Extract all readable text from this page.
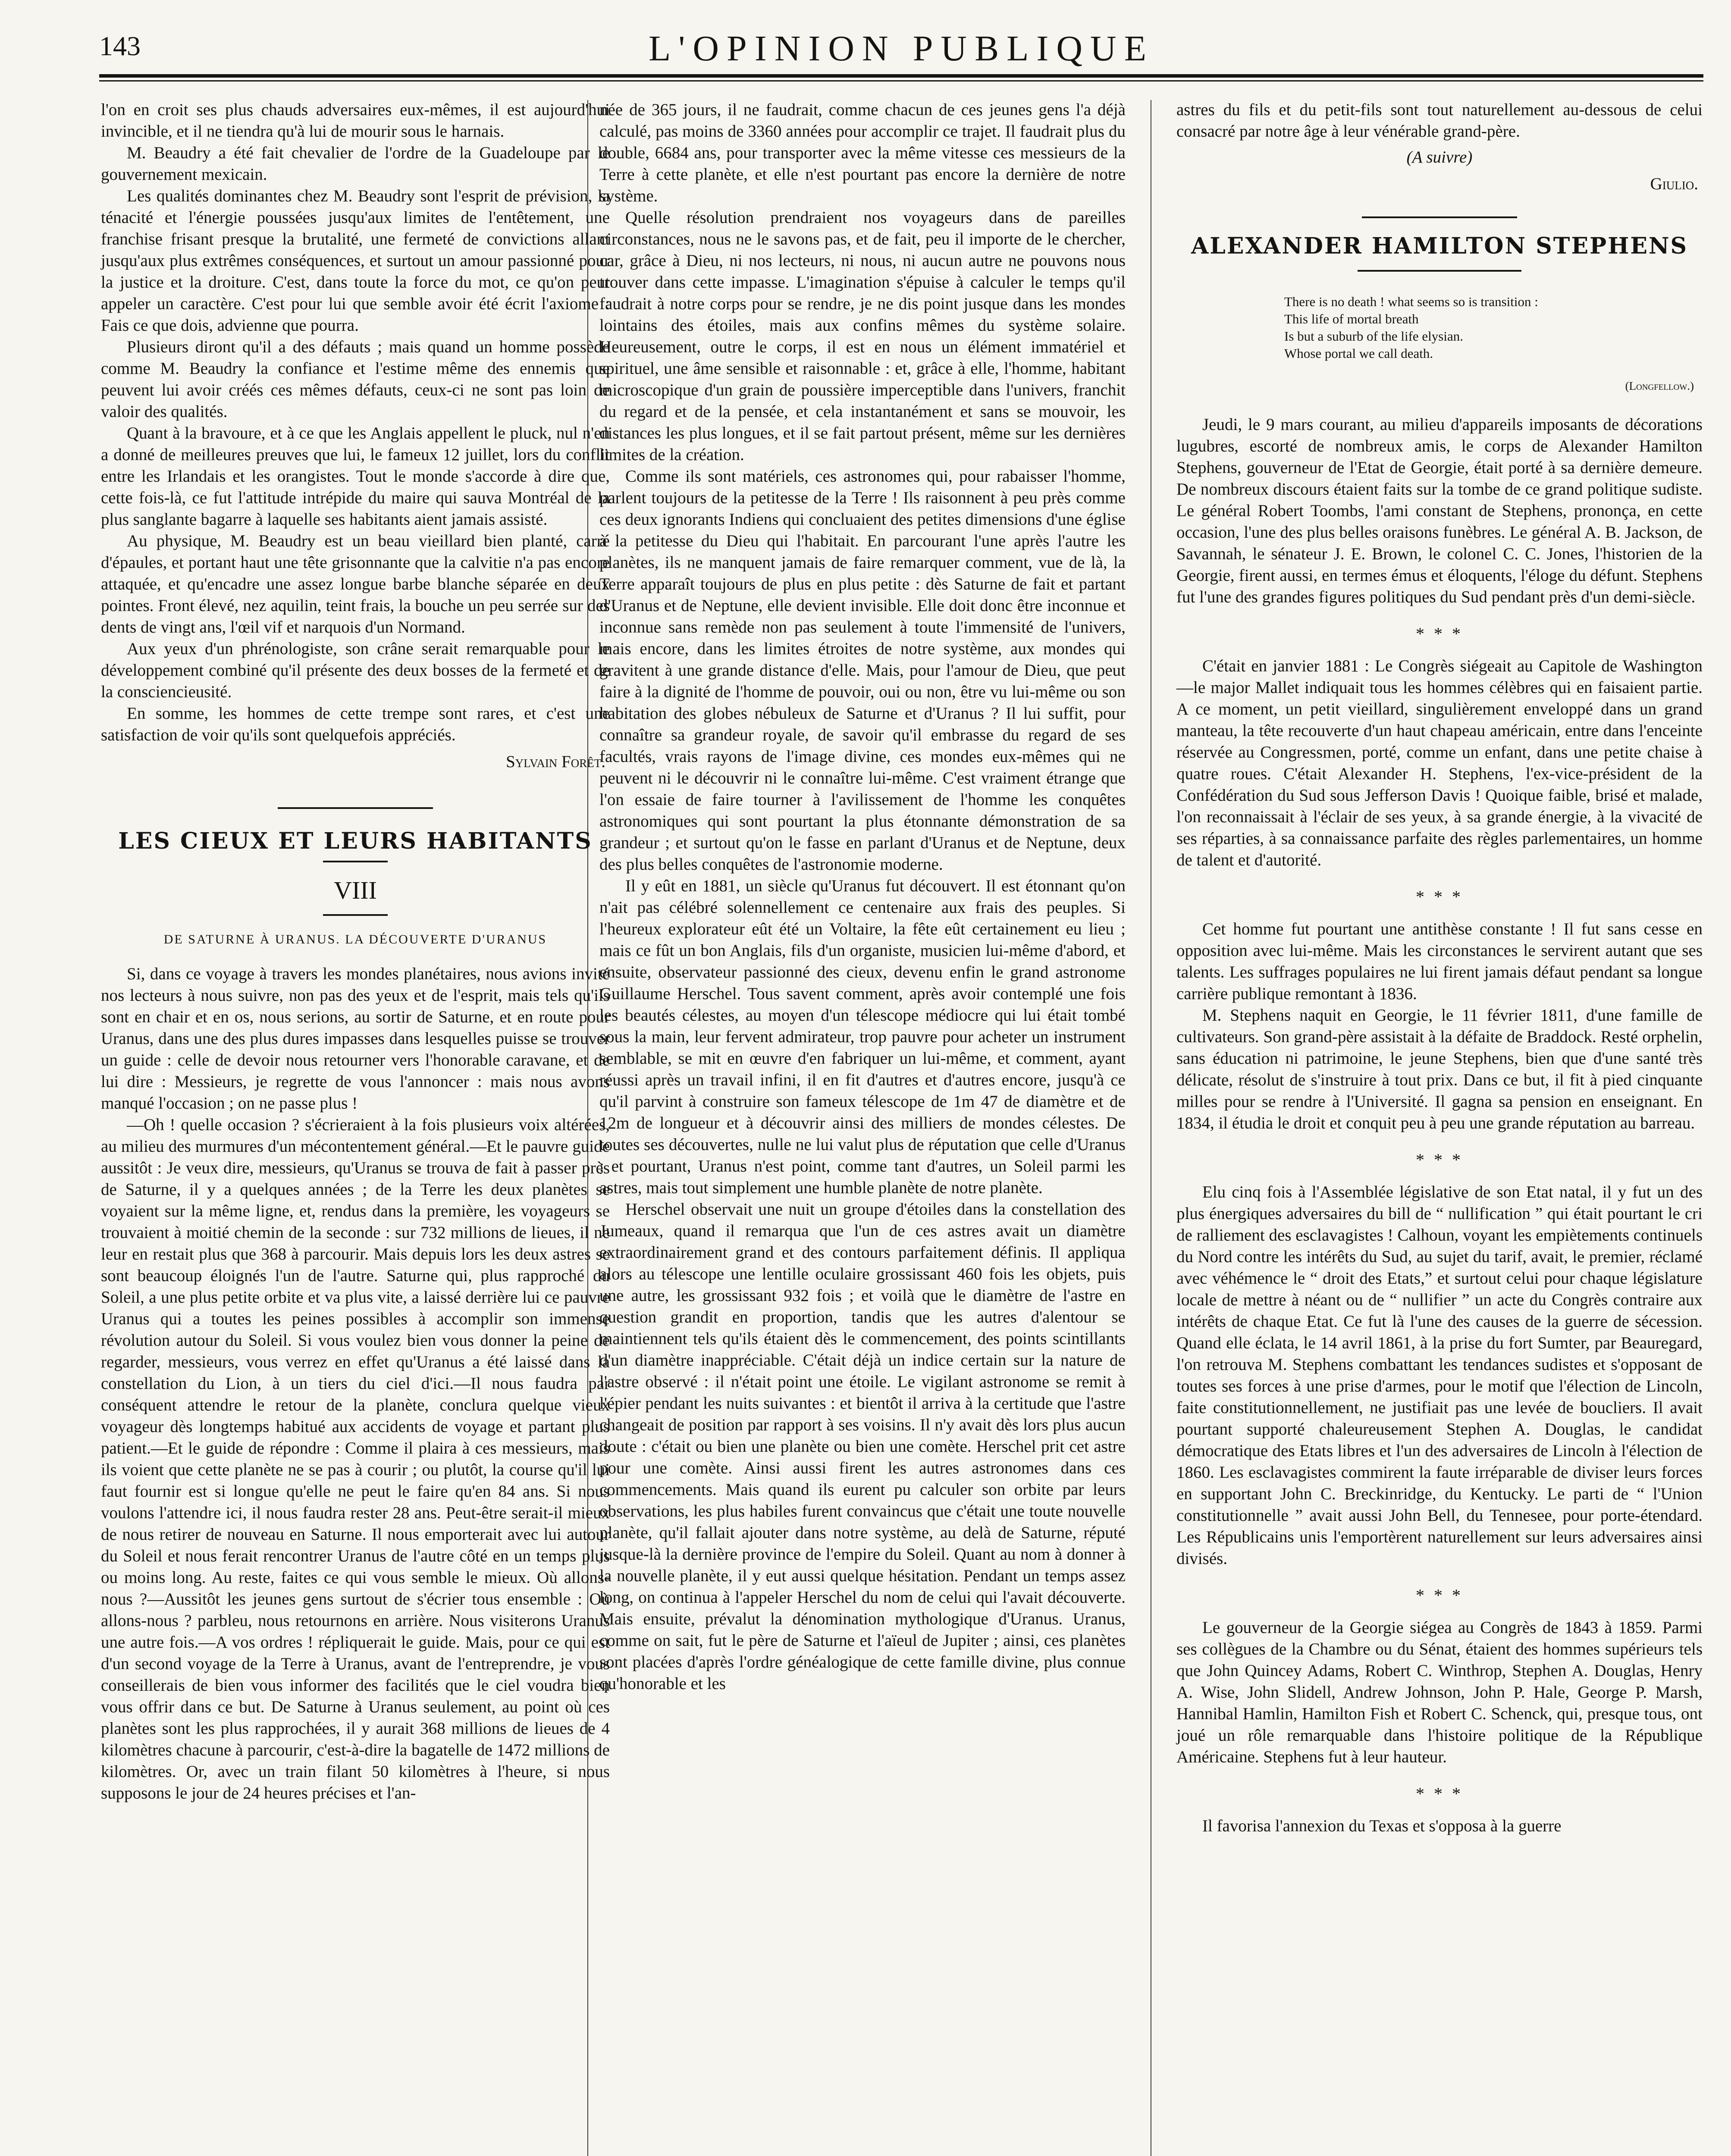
143	L'OPINION PUBLIQUE

l'on en croit ses plus chauds adversaires eux-mêmes, il est aujourd'hui invincible, et il ne tiendra qu'à lui de mourir sous le harnais.

M. Beaudry a été fait chevalier de l'ordre de la Guadeloupe par le gouvernement mexicain.

Les qualités dominantes chez M. Beaudry sont l'esprit de prévision, la ténacité et l'énergie poussées jusqu'aux limites de l'entêtement, une franchise frisant presque la brutalité, une fermeté de convictions allant jusqu'aux plus extrêmes conséquences, et surtout un amour passionné pour la justice et la droiture. C'est, dans toute la force du mot, ce qu'on peut appeler un caractère. C'est pour lui que semble avoir été écrit l'axiome : Fais ce que dois, advienne que pourra.

Plusieurs diront qu'il a des défauts ; mais quand un homme possède comme M. Beaudry la confiance et l'estime même des ennemis que peuvent lui avoir créés ces mêmes défauts, ceux-ci ne sont pas loin de valoir des qualités.

Quant à la bravoure, et à ce que les Anglais appellent le pluck, nul n'en a donné de meilleures preuves que lui, le fameux 12 juillet, lors du conflit entre les Irlandais et les orangistes. Tout le monde s'accorde à dire que, cette fois-là, ce fut l'attitude intrépide du maire qui sauva Montréal de la plus sanglante bagarre à laquelle ses habitants aient jamais assisté.

Au physique, M. Beaudry est un beau vieillard bien planté, carré d'épaules, et portant haut une tête grisonnante que la calvitie n'a pas encore attaquée, et qu'encadre une assez longue barbe blanche séparée en deux pointes. Front élevé, nez aquilin, teint frais, la bouche un peu serrée sur des dents de vingt ans, l'œil vif et narquois d'un Normand.

Aux yeux d'un phrénologiste, son crâne serait remarquable pour le développement combiné qu'il présente des deux bosses de la fermeté et de la consciencieusité.

En somme, les hommes de cette trempe sont rares, et c'est une satisfaction de voir qu'ils sont quelquefois appréciés.

Sylvain Forêt.
LES CIEUX ET LEURS HABITANTS
VIII
DE SATURNE À URANUS. LA DÉCOUVERTE D'URANUS

Si, dans ce voyage à travers les mondes planétaires, nous avions invité nos lecteurs à nous suivre, non pas des yeux et de l'esprit, mais tels qu'ils sont en chair et en os, nous serions, au sortir de Saturne, et en route pour Uranus, dans une des plus dures impasses dans lesquelles puisse se trouver un guide : celle de devoir nous retourner vers l'honorable caravane, et de lui dire : Messieurs, je regrette de vous l'annoncer : mais nous avons manqué l'occasion ; on ne passe plus !

—Oh ! quelle occasion ? s'écrieraient à la fois plusieurs voix altérées, au milieu des murmures d'un mécontentement général.—Et le pauvre guide aussitôt : Je veux dire, messieurs, qu'Uranus se trouva de fait à passer près de Saturne, il y a quelques années ; de la Terre les deux planètes se voyaient sur la même ligne, et, rendus dans la première, les voyageurs se trouvaient à moitié chemin de la seconde : sur 732 millions de lieues, il ne leur en restait plus que 368 à parcourir. Mais depuis lors les deux astres se sont beaucoup éloignés l'un de l'autre. Saturne qui, plus rapproché du Soleil, a une plus petite orbite et va plus vite, a laissé derrière lui ce pauvre Uranus qui a toutes les peines possibles à accomplir son immense révolution autour du Soleil. Si vous voulez bien vous donner la peine de regarder, messieurs, vous verrez en effet qu'Uranus a été laissé dans la constellation du Lion, à un tiers du ciel d'ici.—Il nous faudra par conséquent attendre le retour de la planète, conclura quelque vieux voyageur dès longtemps habitué aux accidents de voyage et partant plus patient.—Et le guide de répondre : Comme il plaira à ces messieurs, mais ils voient que cette planète ne se pas à courir ; ou plutôt, la course qu'il lui faut fournir est si longue qu'elle ne peut le faire qu'en 84 ans. Si nous voulons l'attendre ici, il nous faudra rester 28 ans. Peut-être serait-il mieux de nous retirer de nouveau en Saturne. Il nous emporterait avec lui autour du Soleil et nous ferait rencontrer Uranus de l'autre côté en un temps plus ou moins long. Au reste, faites ce qui vous semble le mieux. Où allons-nous ?—Aussitôt les jeunes gens surtout de s'écrier tous ensemble : Où allons-nous ? parbleu, nous retournons en arrière. Nous visiterons Uranus une autre fois.—A vos ordres ! répliquerait le guide. Mais, pour ce qui est d'un second voyage de la Terre à Uranus, avant de l'entreprendre, je vous conseillerais de bien vous informer des facilités que le ciel voudra bien vous offrir dans ce but. De Saturne à Uranus seulement, au point où ces planètes sont les plus rapprochées, il y aurait 368 millions de lieues de 4 kilomètres chacune à parcourir, c'est-à-dire la bagatelle de 1472 millions de kilomètres. Or, avec un train filant 50 kilomètres à l'heure, si nous supposons le jour de 24 heures précises et l'an-

née de 365 jours, il ne faudrait, comme chacun de ces jeunes gens l'a déjà calculé, pas moins de 3360 années pour accomplir ce trajet. Il faudrait plus du double, 6684 ans, pour transporter avec la même vitesse ces messieurs de la Terre à cette planète, et elle n'est pourtant pas encore la dernière de notre système.

Quelle résolution prendraient nos voyageurs dans de pareilles circonstances, nous ne le savons pas, et de fait, peu il importe de le chercher, car, grâce à Dieu, ni nos lecteurs, ni nous, ni aucun autre ne pouvons nous trouver dans cette impasse. L'imagination s'épuise à calculer le temps qu'il faudrait à notre corps pour se rendre, je ne dis point jusque dans les mondes lointains des étoiles, mais aux confins mêmes du système solaire. Heureusement, outre le corps, il est en nous un élément immatériel et spirituel, une âme sensible et raisonnable : et, grâce à elle, l'homme, habitant microscopique d'un grain de poussière imperceptible dans l'univers, franchit du regard et de la pensée, et cela instantanément et sans se mouvoir, les distances les plus longues, et il se fait partout présent, même sur les dernières limites de la création.

Comme ils sont matériels, ces astronomes qui, pour rabaisser l'homme, parlent toujours de la petitesse de la Terre ! Ils raisonnent à peu près comme ces deux ignorants Indiens qui concluaient des petites dimensions d'une église à la petitesse du Dieu qui l'habitait. En parcourant l'une après l'autre les planètes, ils ne manquent jamais de faire remarquer comment, vue de là, la Terre apparaît toujours de plus en plus petite : dès Saturne de fait et partant d'Uranus et de Neptune, elle devient invisible. Elle doit donc être inconnue et inconnue sans remède non pas seulement à toute l'immensité de l'univers, mais encore, dans les limites étroites de notre système, aux mondes qui gravitent à une grande distance d'elle. Mais, pour l'amour de Dieu, que peut faire à la dignité de l'homme de pouvoir, oui ou non, être vu lui-même ou son habitation des globes nébuleux de Saturne et d'Uranus ? Il lui suffit, pour connaître sa grandeur royale, de savoir qu'il embrasse du regard de ses facultés, vrais rayons de l'image divine, ces mondes eux-mêmes qui ne peuvent ni le découvrir ni le connaître lui-même. C'est vraiment étrange que l'on essaie de faire tourner à l'avilissement de l'homme les conquêtes astronomiques qui sont pourtant la plus étonnante démonstration de sa grandeur ; et surtout qu'on le fasse en parlant d'Uranus et de Neptune, deux des plus belles conquêtes de l'astronomie moderne.

Il y eût en 1881, un siècle qu'Uranus fut découvert. Il est étonnant qu'on n'ait pas célébré solennellement ce centenaire aux frais des peuples. Si l'heureux explorateur eût été un Voltaire, la fête eût certainement eu lieu ; mais ce fût un bon Anglais, fils d'un organiste, musicien lui-même d'abord, et ensuite, observateur passionné des cieux, devenu enfin le grand astronome Guillaume Herschel. Tous savent comment, après avoir contemplé une fois les beautés célestes, au moyen d'un télescope médiocre qui lui était tombé sous la main, leur fervent admirateur, trop pauvre pour acheter un instrument semblable, se mit en œuvre d'en fabriquer un lui-même, et comment, ayant réussi après un travail infini, il en fit d'autres et d'autres encore, jusqu'à ce qu'il parvint à construire son fameux télescope de 1m 47 de diamètre et de 12m de longueur et à découvrir ainsi des milliers de mondes célestes. De toutes ses découvertes, nulle ne lui valut plus de réputation que celle d'Uranus ; et pourtant, Uranus n'est point, comme tant d'autres, un Soleil parmi les astres, mais tout simplement une humble planète de notre planète.

Herschel observait une nuit un groupe d'étoiles dans la constellation des Jumeaux, quand il remarqua que l'un de ces astres avait un diamètre extraordinairement grand et des contours parfaitement définis. Il appliqua alors au télescope une lentille oculaire grossissant 460 fois les objets, puis une autre, les grossissant 932 fois ; et voilà que le diamètre de l'astre en question grandit en proportion, tandis que les autres d'alentour se maintiennent tels qu'ils étaient dès le commencement, des points scintillants d'un diamètre inappréciable. C'était déjà un indice certain sur la nature de l'astre observé : il n'était point une étoile. Le vigilant astronome se remit à l'épier pendant les nuits suivantes : et bientôt il arriva à la certitude que l'astre changeait de position par rapport à ses voisins. Il n'y avait dès lors plus aucun doute : c'était ou bien une planète ou bien une comète. Herschel prit cet astre pour une comète. Ainsi aussi firent les autres astronomes dans ces commencements. Mais quand ils eurent pu calculer son orbite par leurs observations, les plus habiles furent convaincus que c'était une toute nouvelle planète, qu'il fallait ajouter dans notre système, au delà de Saturne, réputé jusque-là la dernière province de l'empire du Soleil. Quant au nom à donner à la nouvelle planète, il y eut aussi quelque hésitation. Pendant un temps assez long, on continua à l'appeler Herschel du nom de celui qui l'avait découverte. Mais ensuite, prévalut la dénomination mythologique d'Uranus. Uranus, comme on sait, fut le père de Saturne et l'aïeul de Jupiter ; ainsi, ces planètes sont placées d'après l'ordre généalogique de cette famille divine, plus connue qu'honorable et les

astres du fils et du petit-fils sont tout naturellement au-dessous de celui consacré par notre âge à leur vénérable grand-père.

(A suivre)
Giulio.
ALEXANDER HAMILTON STEPHENS
There is no death ! what seems so is transition :
This life of mortal breath
Is but a suburb of the life elysian.
Whose portal we call death.
(Longfellow.)

Jeudi, le 9 mars courant, au milieu d'appareils imposants de décorations lugubres, escorté de nombreux amis, le corps de Alexander Hamilton Stephens, gouverneur de l'Etat de Georgie, était porté à sa dernière demeure. De nombreux discours étaient faits sur la tombe de ce grand politique sudiste. Le général Robert Toombs, l'ami constant de Stephens, prononça, en cette occasion, l'une des plus belles oraisons funèbres. Le général A. B. Jackson, de Savannah, le sénateur J. E. Brown, le colonel C. C. Jones, l'historien de la Georgie, firent aussi, en termes émus et éloquents, l'éloge du défunt. Stephens fut l'une des grandes figures politiques du Sud pendant près d'un demi-siècle.

* * *

C'était en janvier 1881 : Le Congrès siégeait au Capitole de Washington—le major Mallet indiquait tous les hommes célèbres qui en faisaient partie. A ce moment, un petit vieillard, singulièrement enveloppé dans un grand manteau, la tête recouverte d'un haut chapeau américain, entre dans l'enceinte réservée au Congressmen, porté, comme un enfant, dans une petite chaise à quatre roues. C'était Alexander H. Stephens, l'ex-vice-président de la Confédération du Sud sous Jefferson Davis ! Quoique faible, brisé et malade, l'on reconnaissait à l'éclair de ses yeux, à sa grande énergie, à la vivacité de ses réparties, à sa connaissance parfaite des règles parlementaires, un homme de talent et d'autorité.

* * *

Cet homme fut pourtant une antithèse constante ! Il fut sans cesse en opposition avec lui-même. Mais les circonstances le servirent autant que ses talents. Les suffrages populaires ne lui firent jamais défaut pendant sa longue carrière publique remontant à 1836.

M. Stephens naquit en Georgie, le 11 février 1811, d'une famille de cultivateurs. Son grand-père assistait à la défaite de Braddock. Resté orphelin, sans éducation ni patrimoine, le jeune Stephens, bien que d'une santé très délicate, résolut de s'instruire à tout prix. Dans ce but, il fit à pied cinquante milles pour se rendre à l'Université. Il gagna sa pension en enseignant. En 1834, il étudia le droit et conquit peu à peu une grande réputation au barreau.

* * *

Elu cinq fois à l'Assemblée législative de son Etat natal, il y fut un des plus énergiques adversaires du bill de “ nullification ” qui était pourtant le cri de ralliement des esclavagistes ! Calhoun, voyant les empiètements continuels du Nord contre les intérêts du Sud, au sujet du tarif, avait, le premier, réclamé avec véhémence le “ droit des Etats,” et surtout celui pour chaque législature locale de mettre à néant ou de “ nullifier ” un acte du Congrès contraire aux intérêts de chaque Etat. Ce fut là l'une des causes de la guerre de sécession. Quand elle éclata, le 14 avril 1861, à la prise du fort Sumter, par Beauregard, l'on retrouva M. Stephens combattant les tendances sudistes et s'opposant de toutes ses forces à une prise d'armes, pour le motif que l'élection de Lincoln, faite constitutionnellement, ne justifiait pas une levée de boucliers. Il avait pourtant supporté chaleureusement Stephen A. Douglas, le candidat démocratique des Etats libres et l'un des adversaires de Lincoln à l'élection de 1860. Les esclavagistes commirent la faute irréparable de diviser leurs forces en supportant John C. Breckinridge, du Kentucky. Le parti de “ l'Union constitutionnelle ” avait aussi John Bell, du Tennesee, pour porte-étendard. Les Républicains unis l'emportèrent naturellement sur leurs adversaires ainsi divisés.

* * *

Le gouverneur de la Georgie siégea au Congrès de 1843 à 1859. Parmi ses collègues de la Chambre ou du Sénat, étaient des hommes supérieurs tels que John Quincey Adams, Robert C. Winthrop, Stephen A. Douglas, Henry A. Wise, John Slidell, Andrew Johnson, John P. Hale, George P. Marsh, Hannibal Hamlin, Hamilton Fish et Robert C. Schenck, qui, presque tous, ont joué un rôle remarquable dans l'histoire politique de la République Américaine. Stephens fut à leur hauteur.

* * *

Il favorisa l'annexion du Texas et s'opposa à la guerre
